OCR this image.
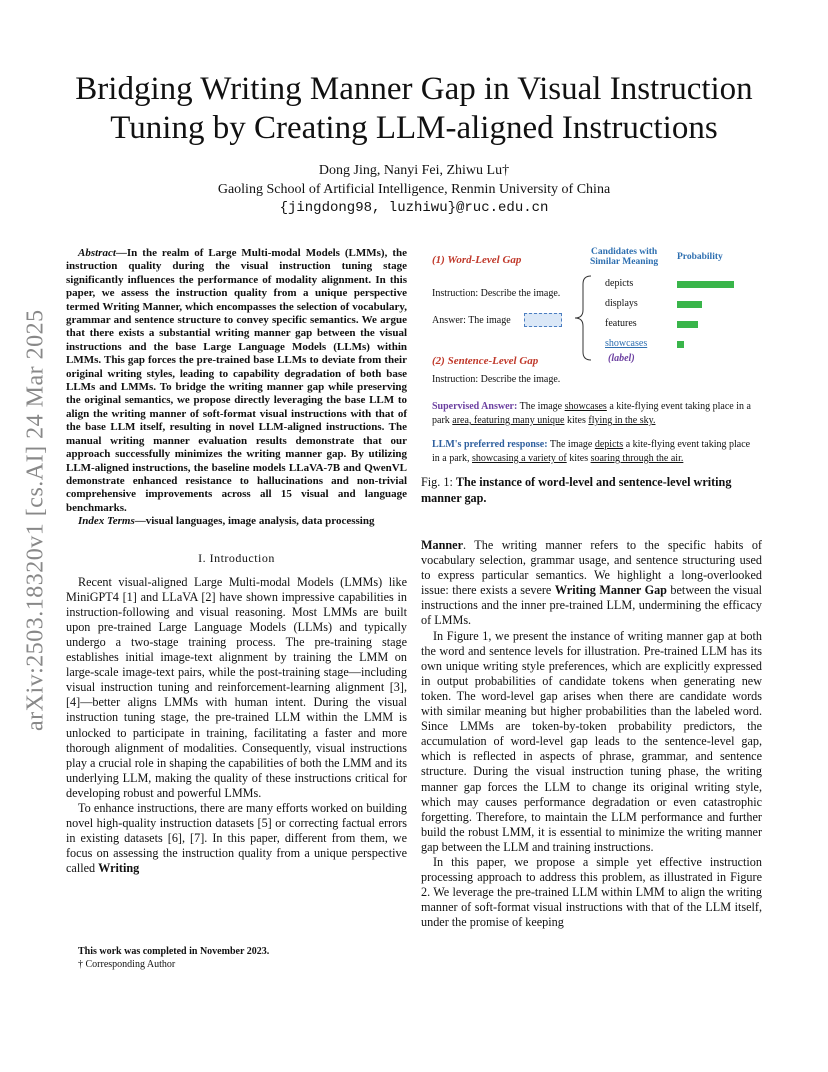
arXiv:2503.18320v1 [cs.AI] 24 Mar 2025
Bridging Writing Manner Gap in Visual Instruction Tuning by Creating LLM-aligned Instructions
Dong Jing, Nanyi Fei, Zhiwu Lu†
Gaoling School of Artificial Intelligence, Renmin University of China
{jingdong98, luzhiwu}@ruc.edu.cn

Abstract—In the realm of Large Multi-modal Models (LMMs), the instruction quality during the visual instruction tuning stage significantly influences the performance of modality alignment. In this paper, we assess the instruction quality from a unique perspective termed Writing Manner, which encompasses the selection of vocabulary, grammar and sentence structure to convey specific semantics. We argue that there exists a substantial writing manner gap between the visual instructions and the base Large Language Models (LLMs) within LMMs. This gap forces the pre-trained base LLMs to deviate from their original writing styles, leading to capability degradation of both base LLMs and LMMs. To bridge the writing manner gap while preserving the original semantics, we propose directly leveraging the base LLM to align the writing manner of soft-format visual instructions with that of the base LLM itself, resulting in novel LLM-aligned instructions. The manual writing manner evaluation results demonstrate that our approach successfully minimizes the writing manner gap. By utilizing LLM-aligned instructions, the baseline models LLaVA-7B and QwenVL demonstrate enhanced resistance to hallucinations and non-trivial comprehensive improvements across all 15 visual and language benchmarks.

Index Terms—visual languages, image analysis, data processing

I. Introduction

Recent visual-aligned Large Multi-modal Models (LMMs) like MiniGPT4 [1] and LLaVA [2] have shown impressive capabilities in instruction-following and visual reasoning. Most LMMs are built upon pre-trained Large Language Models (LLMs) and typically undergo a two-stage training process. The pre-training stage establishes initial image-text alignment by training the LMM on large-scale image-text pairs, while the post-training stage—including visual instruction tuning and reinforcement-learning alignment [3], [4]—better aligns LMMs with human intent. During the visual instruction tuning stage, the pre-trained LLM within the LMM is unlocked to participate in training, facilitating a faster and more thorough alignment of modalities. Consequently, visual instructions play a crucial role in shaping the capabilities of both the LMM and its underlying LLM, making the quality of these instructions critical for developing robust and powerful LMMs.

To enhance instructions, there are many efforts worked on building novel high-quality instruction datasets [5] or correcting factual errors in existing datasets [6], [7]. In this paper, different from them, we focus on assessing the instruction quality from a unique perspective called Writing

This work was completed in November 2023.
† Corresponding Author
(1) Word-Level Gap
Candidates with
Similar Meaning Probability
Instruction: Describe the image.
Answer: The image
depicts
displays
features
showcases
(2) Sentence-Level Gap	(label)
Instruction: Describe the image.
Supervised Answer: The image showcases a kite-flying event taking place in a park area, featuring many unique kites flying in the sky.
LLM's preferred response: The image depicts a kite-flying event taking place in a park, showcasing a variety of kites soaring through the air.
Fig. 1: The instance of word-level and sentence-level writing manner gap.

Manner. The writing manner refers to the specific habits of vocabulary selection, grammar usage, and sentence structuring used to express particular semantics. We highlight a long-overlooked issue: there exists a severe Writing Manner Gap between the visual instructions and the inner pre-trained LLM, undermining the efficacy of LMMs.

In Figure 1, we present the instance of writing manner gap at both the word and sentence levels for illustration. Pre-trained LLM has its own unique writing style preferences, which are explicitly expressed in output probabilities of candidate tokens when generating new token. The word-level gap arises when there are candidate words with similar meaning but higher probabilities than the labeled word. Since LMMs are token-by-token probability predictors, the accumulation of word-level gap leads to the sentence-level gap, which is reflected in aspects of phrase, grammar, and sentence structure. During the visual instruction tuning phase, the writing manner gap forces the LLM to change its original writing style, which may causes performance degradation or even catastrophic forgetting. Therefore, to maintain the LLM performance and further build the robust LMM, it is essential to minimize the writing manner gap between the LLM and training instructions.

In this paper, we propose a simple yet effective instruction processing approach to address this problem, as illustrated in Figure 2. We leverage the pre-trained LLM within LMM to align the writing manner of soft-format visual instructions with that of the LLM itself, under the promise of keeping
